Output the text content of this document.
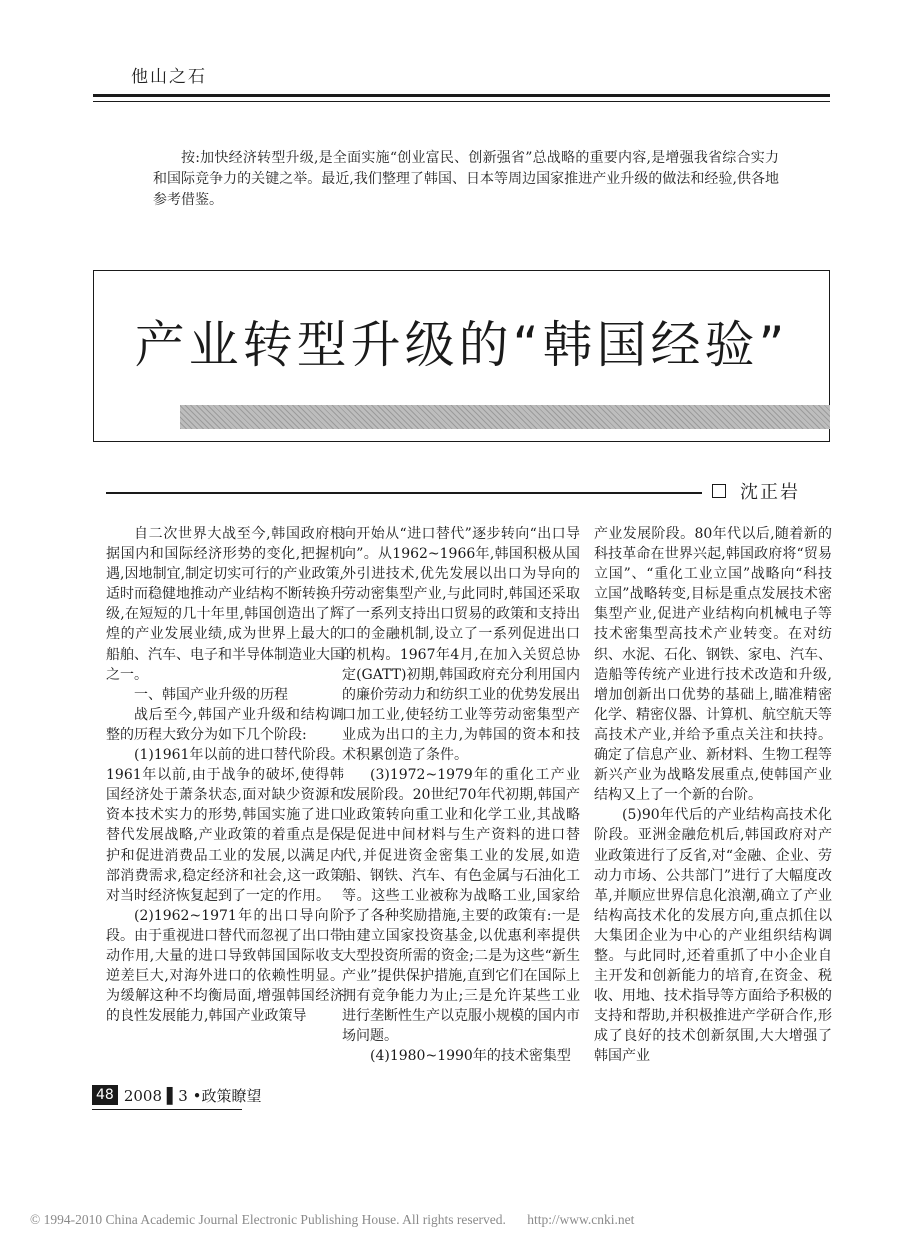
他山之石

按:加快经济转型升级,是全面实施“创业富民、创新强省”总战略的重要内容,是增强我省综合实力和国际竞争力的关键之举。最近,我们整理了韩国、日本等周边国家推进产业升级的做法和经验,供各地参考借鉴。

产业转型升级的“韩国经验”
沈正岩

自二次世界大战至今,韩国政府根据国内和国际经济形势的变化,把握机遇,因地制宜,制定切实可行的产业政策,适时而稳健地推动产业结构不断转换升级,在短短的几十年里,韩国创造出了辉煌的产业发展业绩,成为世界上最大的船舶、汽车、电子和半导体制造业大国之一。

一、韩国产业升级的历程

战后至今,韩国产业升级和结构调整的历程大致分为如下几个阶段:

(1)1961年以前的进口替代阶段。1961年以前,由于战争的破坏,使得韩国经济处于萧条状态,面对缺少资源和资本技术实力的形势,韩国实施了进口替代发展战略,产业政策的着重点是保护和促进消费品工业的发展,以满足内部消费需求,稳定经济和社会,这一政策对当时经济恢复起到了一定的作用。

(2)1962~1971年的出口导向阶段。由于重视进口替代而忽视了出口带动作用,大量的进口导致韩国国际收支逆差巨大,对海外进口的依赖性明显。为缓解这种不均衡局面,增强韩国经济的良性发展能力,韩国产业政策导

向开始从“进口替代”逐步转向“出口导向”。从1962~1966年,韩国积极从国外引进技术,优先发展以出口为导向的劳动密集型产业,与此同时,韩国还采取了一系列支持出口贸易的政策和支持出口的金融机制,设立了一系列促进出口的机构。1967年4月,在加入关贸总协定(GATT)初期,韩国政府充分利用国内的廉价劳动力和纺织工业的优势发展出口加工业,使轻纺工业等劳动密集型产业成为出口的主力,为韩国的资本和技术积累创造了条件。

(3)1972~1979年的重化工产业发展阶段。20世纪70年代初期,韩国产业政策转向重工业和化学工业,其战略是促进中间材料与生产资料的进口替代,并促进资金密集工业的发展,如造船、钢铁、汽车、有色金属与石油化工等。这些工业被称为战略工业,国家给予了各种奖励措施,主要的政策有:一是由建立国家投资基金,以优惠利率提供大型投资所需的资金;二是为这些“新生产业”提供保护措施,直到它们在国际上拥有竞争能力为止;三是允许某些工业进行垄断性生产以克服小规模的国内市场问题。

(4)1980~1990年的技术密集型

产业发展阶段。80年代以后,随着新的科技革命在世界兴起,韩国政府将“贸易立国”、“重化工业立国”战略向“科技立国”战略转变,目标是重点发展技术密集型产业,促进产业结构向机械电子等技术密集型高技术产业转变。在对纺织、水泥、石化、钢铁、家电、汽车、造船等传统产业进行技术改造和升级,增加创新出口优势的基础上,瞄准精密化学、精密仪器、计算机、航空航天等高技术产业,并给予重点关注和扶持。确定了信息产业、新材料、生物工程等新兴产业为战略发展重点,使韩国产业结构又上了一个新的台阶。

(5)90年代后的产业结构高技术化阶段。亚洲金融危机后,韩国政府对产业政策进行了反省,对“金融、企业、劳动力市场、公共部门”进行了大幅度改革,并顺应世界信息化浪潮,确立了产业结构高技术化的发展方向,重点抓住以大集团企业为中心的产业组织结构调整。与此同时,还着重抓了中小企业自主开发和创新能力的培育,在资金、税收、用地、技术指导等方面给予积极的支持和帮助,并积极推进产学研合作,形成了良好的技术创新氛围,大大增强了韩国产业

48 2008 ▌3 •政策瞭望
© 1994-2010 China Academic Journal Electronic Publishing House. All rights reserved. http://www.cnki.net
